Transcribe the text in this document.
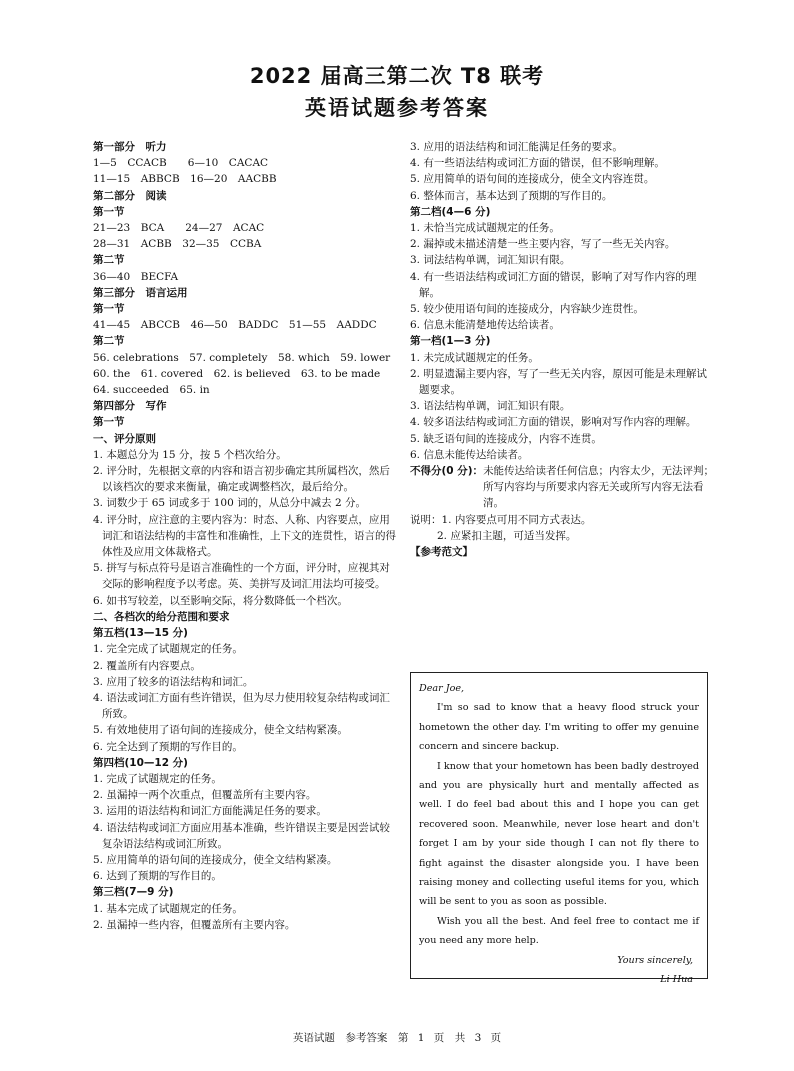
2022 届高三第二次 T8 联考
英语试题参考答案
第一部分　听力
1—5　CCACB　　6—10　CACAC
11—15　ABBCB　16—20　AACBB
第二部分　阅读
第一节
21—23　BCA　　24—27　ACAC
28—31　ACBB　32—35　CCBA
第二节
36—40　BECFA
第三部分　语言运用
第一节
41—45　ABCCB　46—50　BADDC　51—55　AADDC
第二节
56. celebrations　57. completely　58. which　59. lower
60. the　61. covered　62. is believed　63. to be made
64. succeeded　65. in
第四部分　写作
第一节
一、评分原则
1. 本题总分为 15 分，按 5 个档次给分。
2. 评分时，先根据文章的内容和语言初步确定其所属档次，然后以该档次的要求来衡量，确定或调整档次，最后给分。
3. 词数少于 65 词或多于 100 词的，从总分中减去 2 分。
4. 评分时，应注意的主要内容为：时态、人称、内容要点，应用词汇和语法结构的丰富性和准确性，上下文的连贯性，语言的得体性及应用文体裁格式。
5. 拼写与标点符号是语言准确性的一个方面，评分时，应视其对交际的影响程度予以考虑。英、美拼写及词汇用法均可接受。
6. 如书写较差，以至影响交际，将分数降低一个档次。
二、各档次的给分范围和要求
第五档(13—15 分)
1. 完全完成了试题规定的任务。
2. 覆盖所有内容要点。
3. 应用了较多的语法结构和词汇。
4. 语法或词汇方面有些许错误，但为尽力使用较复杂结构或词汇所致。
5. 有效地使用了语句间的连接成分，使全文结构紧凑。
6. 完全达到了预期的写作目的。
第四档(10—12 分)
1. 完成了试题规定的任务。
2. 虽漏掉一两个次重点，但覆盖所有主要内容。
3. 运用的语法结构和词汇方面能满足任务的要求。
4. 语法结构或词汇方面应用基本准确，些许错误主要是因尝试较复杂语法结构或词汇所致。
5. 应用简单的语句间的连接成分，使全文结构紧凑。
6. 达到了预期的写作目的。
第三档(7—9 分)
1. 基本完成了试题规定的任务。
2. 虽漏掉一些内容，但覆盖所有主要内容。
3. 应用的语法结构和词汇能满足任务的要求。
4. 有一些语法结构或词汇方面的错误，但不影响理解。
5. 应用简单的语句间的连接成分，使全文内容连贯。
6. 整体而言，基本达到了预期的写作目的。
第二档(4—6 分)
1. 未恰当完成试题规定的任务。
2. 漏掉或未描述清楚一些主要内容，写了一些无关内容。
3. 词法结构单调，词汇知识有限。
4. 有一些语法结构或词汇方面的错误，影响了对写作内容的理解。
5. 较少使用语句间的连接成分，内容缺少连贯性。
6. 信息未能清楚地传达给读者。
第一档(1—3 分)
1. 未完成试题规定的任务。
2. 明显遗漏主要内容，写了一些无关内容，原因可能是未理解试题要求。
3. 语法结构单调，词汇知识有限。
4. 较多语法结构或词汇方面的错误，影响对写作内容的理解。
5. 缺乏语句间的连接成分，内容不连贯。
6. 信息未能传达给读者。
不得分(0 分)： 未能传达给读者任何信息；内容太少，无法评判；所写内容均与所要求内容无关或所写内容无法看清。
说明：1. 内容要点可用不同方式表达。
2. 应紧扣主题，可适当发挥。
【参考范文】

Dear Joe,

I'm so sad to know that a heavy flood struck your hometown the other day. I'm writing to offer my genuine concern and sincere backup.

I know that your hometown has been badly destroyed and you are physically hurt and mentally affected as well. I do feel bad about this and I hope you can get recovered soon. Meanwhile, never lose heart and don't forget I am by your side though I can not fly there to fight against the disaster alongside you. I have been raising money and collecting useful items for you, which will be sent to you as soon as possible.

Wish you all the best. And feel free to contact me if you need any more help.

Yours sincerely,

Li Hua

英语试题　参考答案　第 1 页　共 3 页
